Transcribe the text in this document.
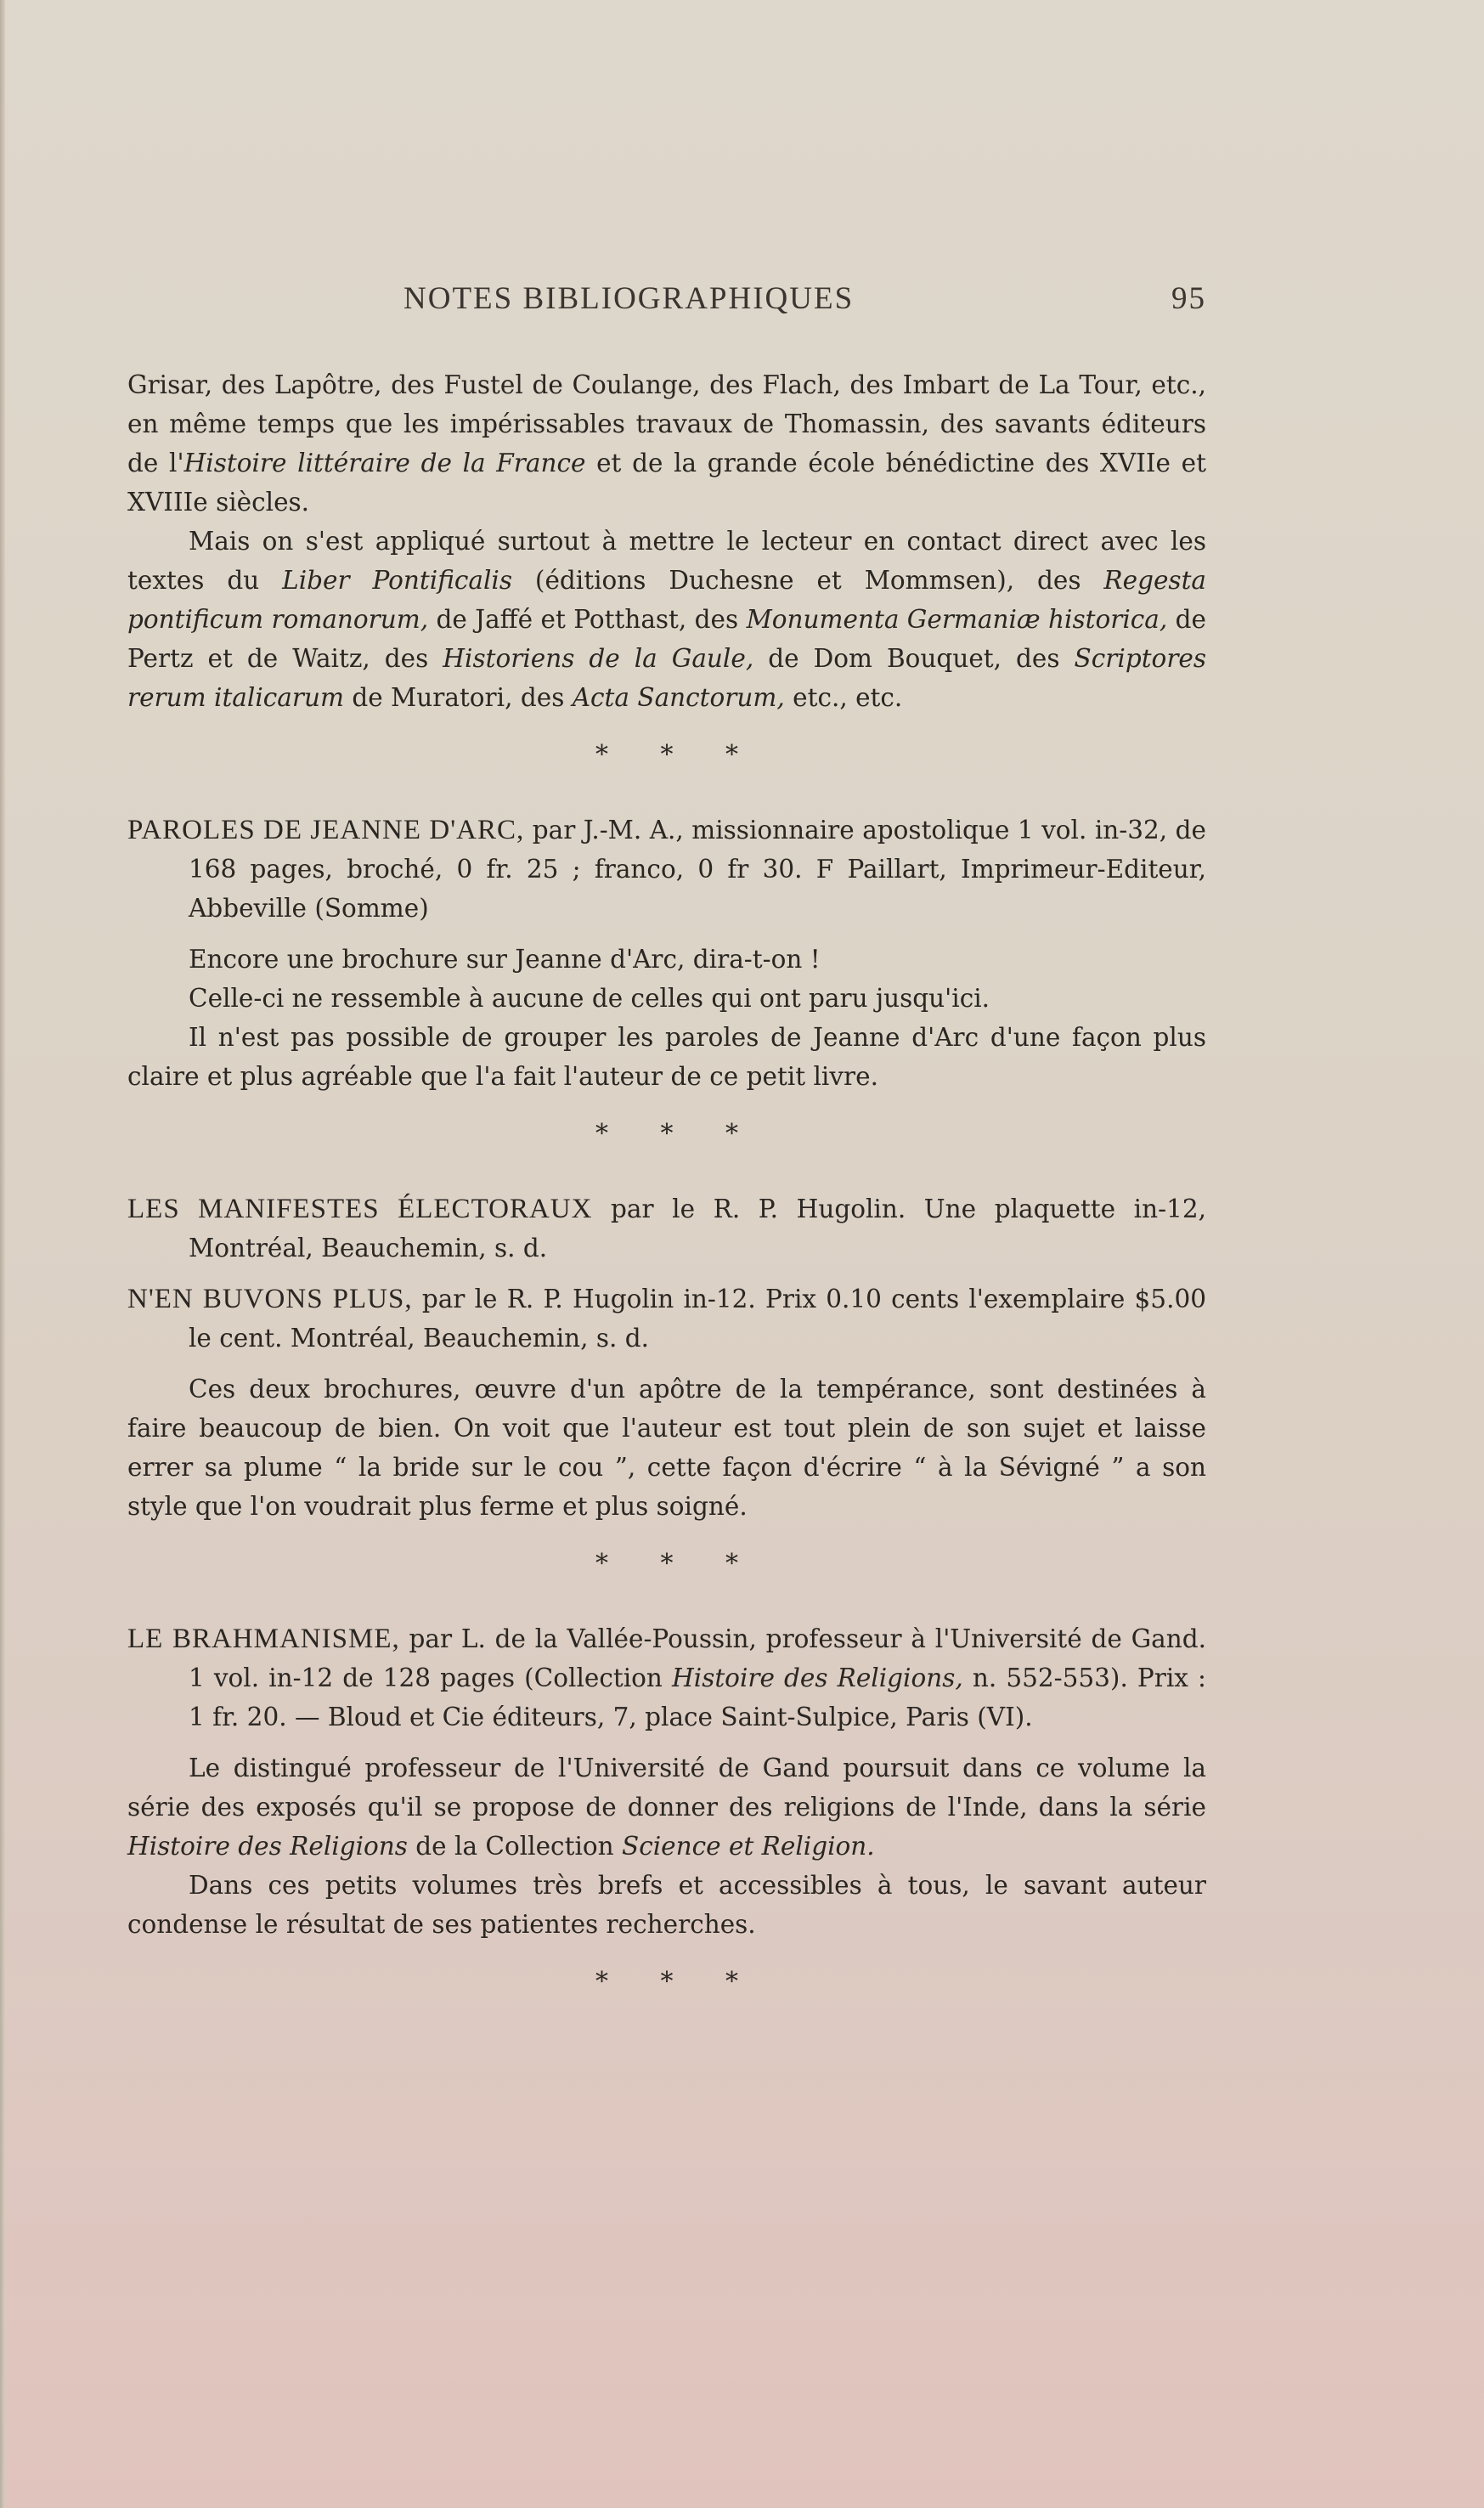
NOTES BIBLIOGRAPHIQUES	95

Grisar, des Lapôtre, des Fustel de Coulange, des Flach, des Imbart de La Tour, etc., en même temps que les impérissables travaux de Thomassin, des savants éditeurs de l'Histoire littéraire de la France et de la grande école bénédictine des XVIIe et XVIIIe siècles.

Mais on s'est appliqué surtout à mettre le lecteur en contact direct avec les textes du Liber Pontificalis (éditions Duchesne et Mommsen), des Regesta pontificum romanorum, de Jaffé et Potthast, des Monumenta Germaniæ historica, de Pertz et de Waitz, des Historiens de la Gaule, de Dom Bouquet, des Scriptores rerum italicarum de Muratori, des Acta Sanctorum, etc., etc.

* * *

PAROLES DE JEANNE D'ARC, par J.-M. A., missionnaire apostolique 1 vol. in-32, de 168 pages, broché, 0 fr. 25 ; franco, 0 fr 30. F Paillart, Imprimeur-Editeur, Abbeville (Somme)

Encore une brochure sur Jeanne d'Arc, dira-t-on !

Celle-ci ne ressemble à aucune de celles qui ont paru jusqu'ici.

Il n'est pas possible de grouper les paroles de Jeanne d'Arc d'une façon plus claire et plus agréable que l'a fait l'auteur de ce petit livre.

* * *

LES MANIFESTES ÉLECTORAUX par le R. P. Hugolin. Une plaquette in-12, Montréal, Beauchemin, s. d.

N'EN BUVONS PLUS, par le R. P. Hugolin in-12. Prix 0.10 cents l'exemplaire $5.00 le cent. Montréal, Beauchemin, s. d.

Ces deux brochures, œuvre d'un apôtre de la tempérance, sont destinées à faire beaucoup de bien. On voit que l'auteur est tout plein de son sujet et laisse errer sa plume “ la bride sur le cou ”, cette façon d'écrire “ à la Sévigné ” a son style que l'on voudrait plus ferme et plus soigné.

* * *

LE BRAHMANISME, par L. de la Vallée-Poussin, professeur à l'Université de Gand. 1 vol. in-12 de 128 pages (Collection Histoire des Religions, n. 552-553). Prix : 1 fr. 20. — Bloud et Cie éditeurs, 7, place Saint-Sulpice, Paris (VI).

Le distingué professeur de l'Université de Gand poursuit dans ce volume la série des exposés qu'il se propose de donner des religions de l'Inde, dans la série Histoire des Religions de la Collection Science et Religion.

Dans ces petits volumes très brefs et accessibles à tous, le savant auteur condense le résultat de ses patientes recherches.

* * *
